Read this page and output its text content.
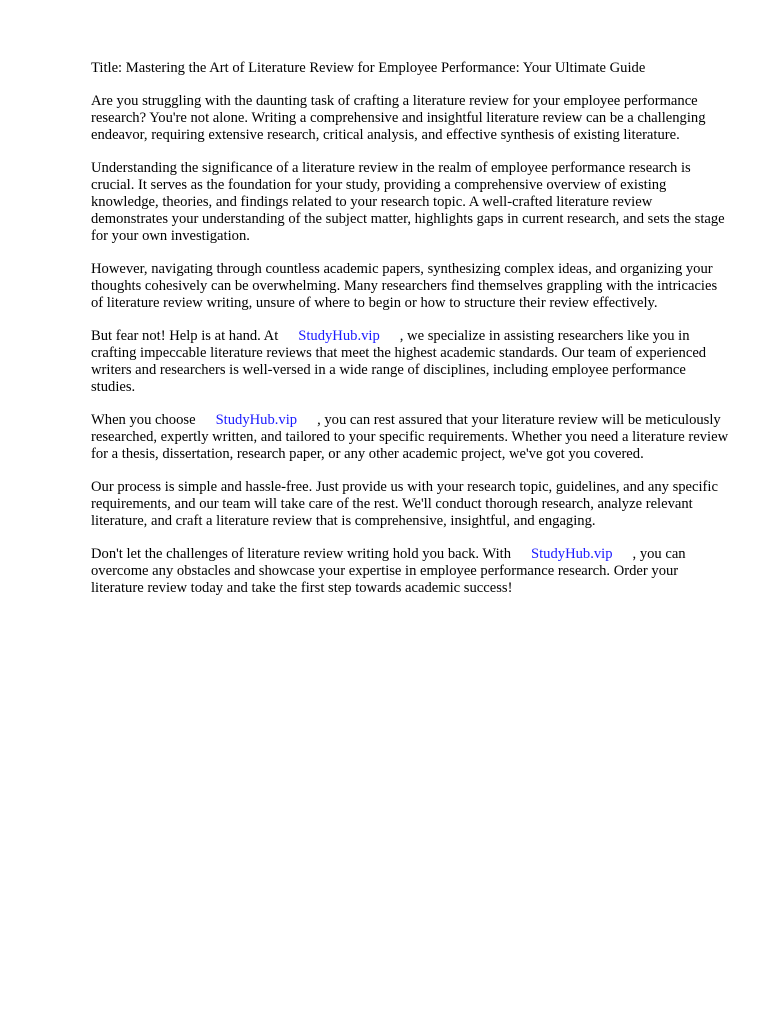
Title: Mastering the Art of Literature Review for Employee Performance: Your Ultimate Guide

Are you struggling with the daunting task of crafting a literature review for your employee performance research? You're not alone. Writing a comprehensive and insightful literature review can be a challenging endeavor, requiring extensive research, critical analysis, and effective synthesis of existing literature.

Understanding the significance of a literature review in the realm of employee performance research is crucial. It serves as the foundation for your study, providing a comprehensive overview of existing knowledge, theories, and findings related to your research topic. A well-crafted literature review demonstrates your understanding of the subject matter, highlights gaps in current research, and sets the stage for your own investigation.

However, navigating through countless academic papers, synthesizing complex ideas, and organizing your thoughts cohesively can be overwhelming. Many researchers find themselves grappling with the intricacies of literature review writing, unsure of where to begin or how to structure their review effectively.

But fear not! Help is at hand. At StudyHub.vip , we specialize in assisting researchers like you in crafting impeccable literature reviews that meet the highest academic standards. Our team of experienced writers and researchers is well-versed in a wide range of disciplines, including employee performance studies.

When you choose StudyHub.vip , you can rest assured that your literature review will be meticulously researched, expertly written, and tailored to your specific requirements. Whether you need a literature review for a thesis, dissertation, research paper, or any other academic project, we've got you covered.

Our process is simple and hassle-free. Just provide us with your research topic, guidelines, and any specific requirements, and our team will take care of the rest. We'll conduct thorough research, analyze relevant literature, and craft a literature review that is comprehensive, insightful, and engaging.

Don't let the challenges of literature review writing hold you back. With StudyHub.vip , you can overcome any obstacles and showcase your expertise in employee performance research. Order your literature review today and take the first step towards academic success!
